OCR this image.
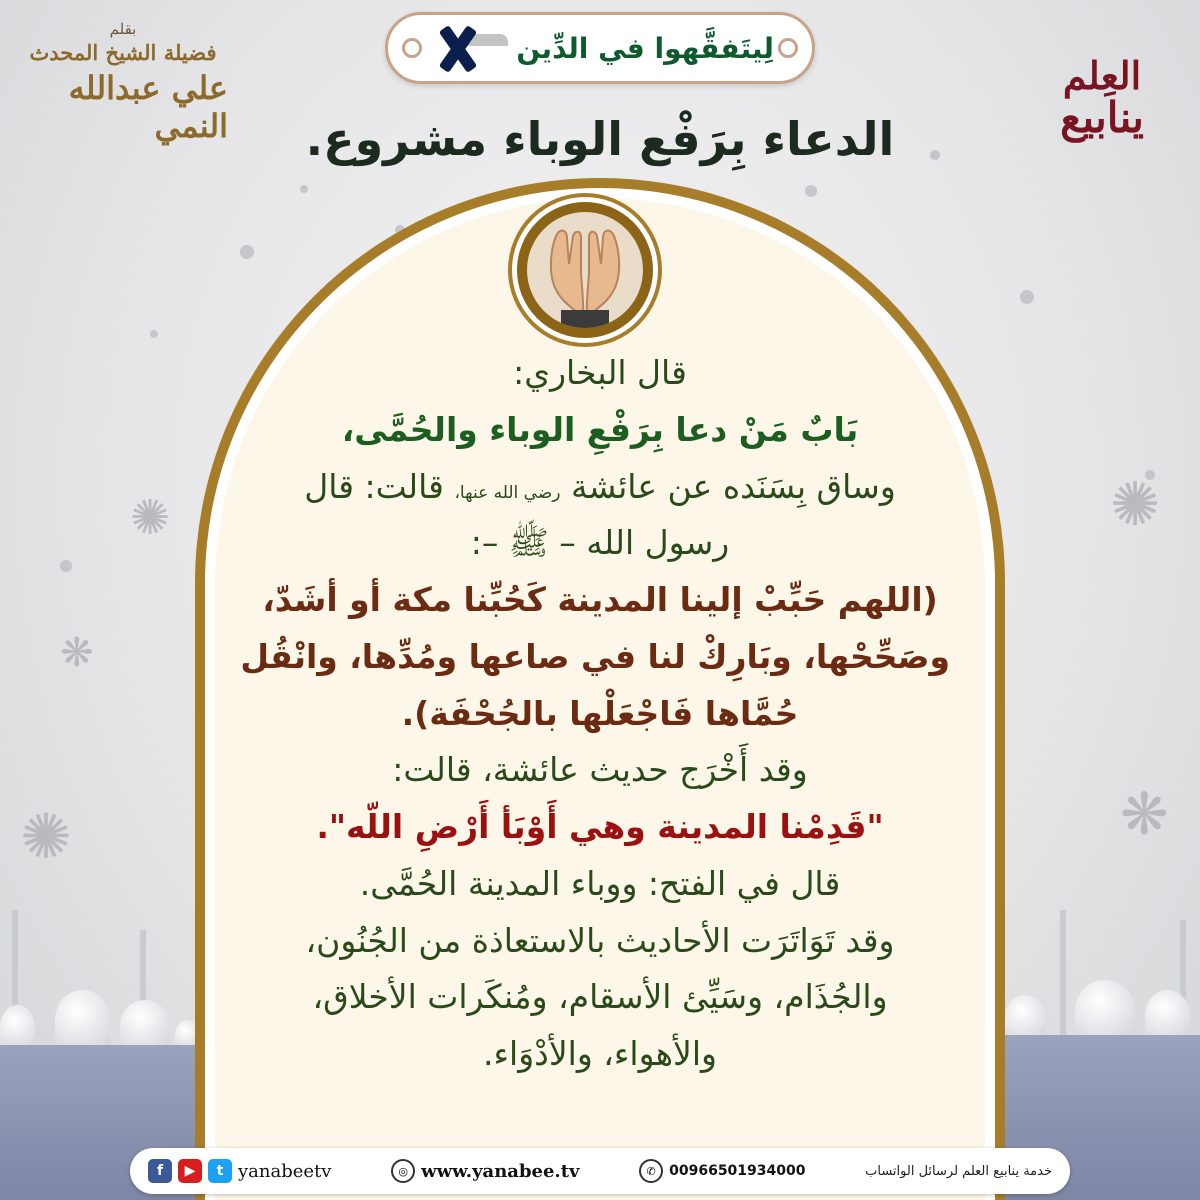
✺
❋
✺
❋
✺
لِيتَفقَّهوا في الدِّين
العِلم
ينابيع
بقلم
فضيلة الشيخ المحدث
علي عبدالله النمي	الدعاء بِرَفْع الوباء مشروع.
قال البخاري:
بَابٌ مَنْ دعا بِرَفْعِ الوباء والحُمَّى،
وساق بِسَنَده عن عائشة رضي الله عنها، قالت: قال
رسول الله – ﷺ –:
(اللهم حَبِّبْ إلينا المدينة كَحُبِّنا مكة أو أشَدّ،
وصَحِّحْها، وبَارِكْ لنا في صاعها ومُدِّها، وانْقُل
حُمَّاها فَاجْعَلْها بالجُحْفَة).
وقد أَخْرَج حديث عائشة، قالت:
"قَدِمْنا المدينة وهي أَوْبَأ أَرْضِ اللّه".
قال في الفتح: ووباء المدينة الحُمَّى.
وقد تَوَاتَرَت الأحاديث بالاستعاذة من الجُنُون،
والجُذَام، وسَيِّئ الأسقام، ومُنكَرات الأخلاق،
والأهواء، والأدْوَاء.
خدمة ينابيع العلم لرسائل الواتساب
00966501934000
✆
www.yanabee.tv
◎
yanabeetv
t
▶
f
